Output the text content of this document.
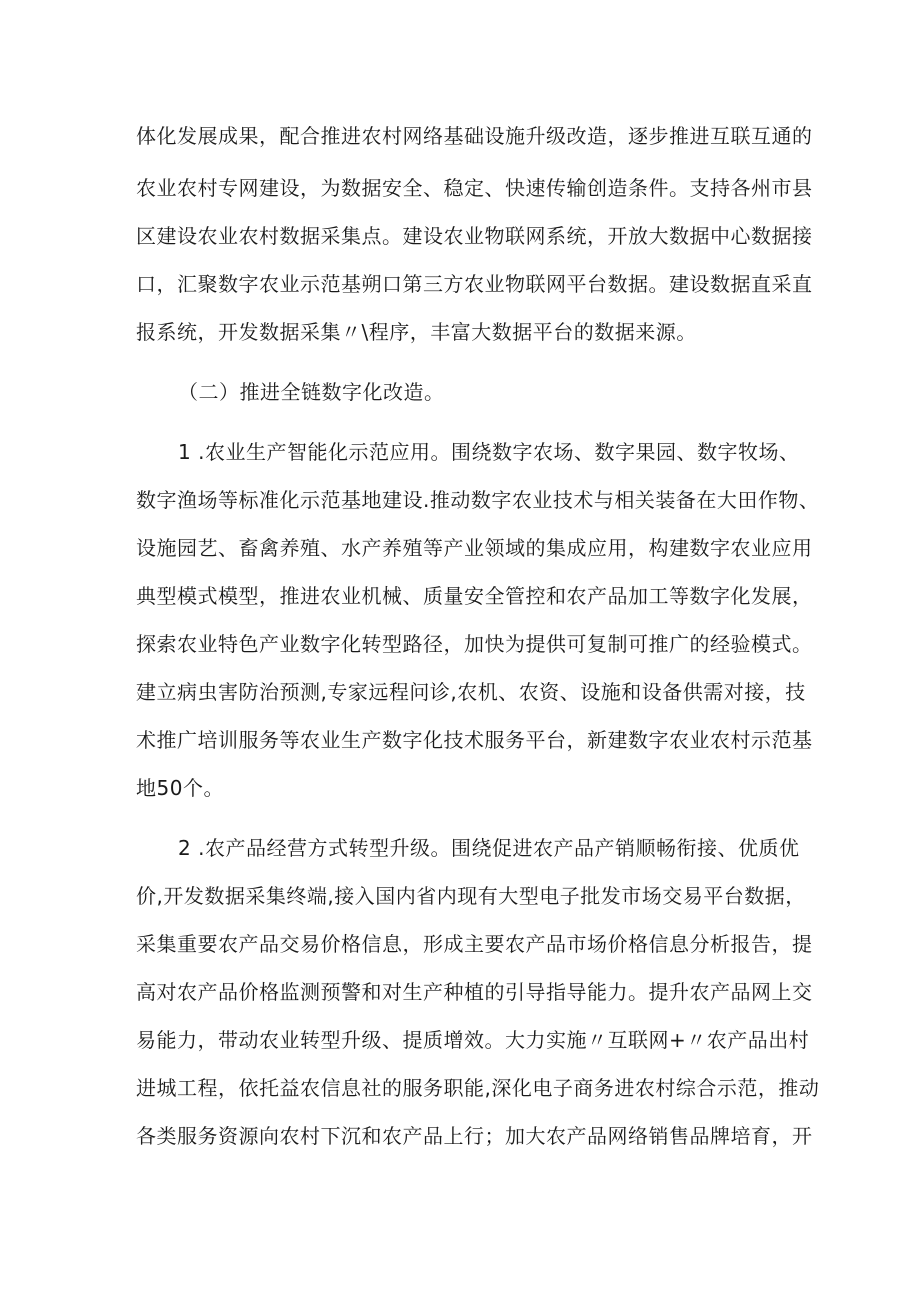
体化发展成果，配合推进农村网络基础设施升级改造，逐步推进互联互通的
农业农村专网建设，为数据安全、稳定、快速传输创造条件。支持各州市县
区建设农业农村数据采集点。建设农业物联网系统，开放大数据中心数据接
口，汇聚数字农业示范基朔口第三方农业物联网平台数据。建设数据直采直
报系统，开发数据采集〃\程序，丰富大数据平台的数据来源。
（二）推进全链数字化改造。
1 .农业生产智能化示范应用。围绕数字农场、数字果园、数字牧场、
数字渔场等标准化示范基地建设.推动数字农业技术与相关装备在大田作物、
设施园艺、畜禽养殖、水产养殖等产业领域的集成应用，构建数字农业应用
典型模式模型，推进农业机械、质量安全管控和农产品加工等数字化发展，
探索农业特色产业数字化转型路径，加快为提供可复制可推广的经验模式。
建立病虫害防治预测,专家远程问诊,农机、农资、设施和设备供需对接，技
术推广培训服务等农业生产数字化技术服务平台，新建数字农业农村示范基
地50个。
2 .农产品经营方式转型升级。围绕促进农产品产销顺畅衔接、优质优
价,开发数据采集终端,接入国内省内现有大型电子批发市场交易平台数据，
采集重要农产品交易价格信息，形成主要农产品市场价格信息分析报告，提
高对农产品价格监测预警和对生产种植的引导指导能力。提升农产品网上交
易能力，带动农业转型升级、提质增效。大力实施〃互联网+〃农产品出村
进城工程，依托益农信息社的服务职能,深化电子商务进农村综合示范，推动
各类服务资源向农村下沉和农产品上行；加大农产品网络销售品牌培育，开
